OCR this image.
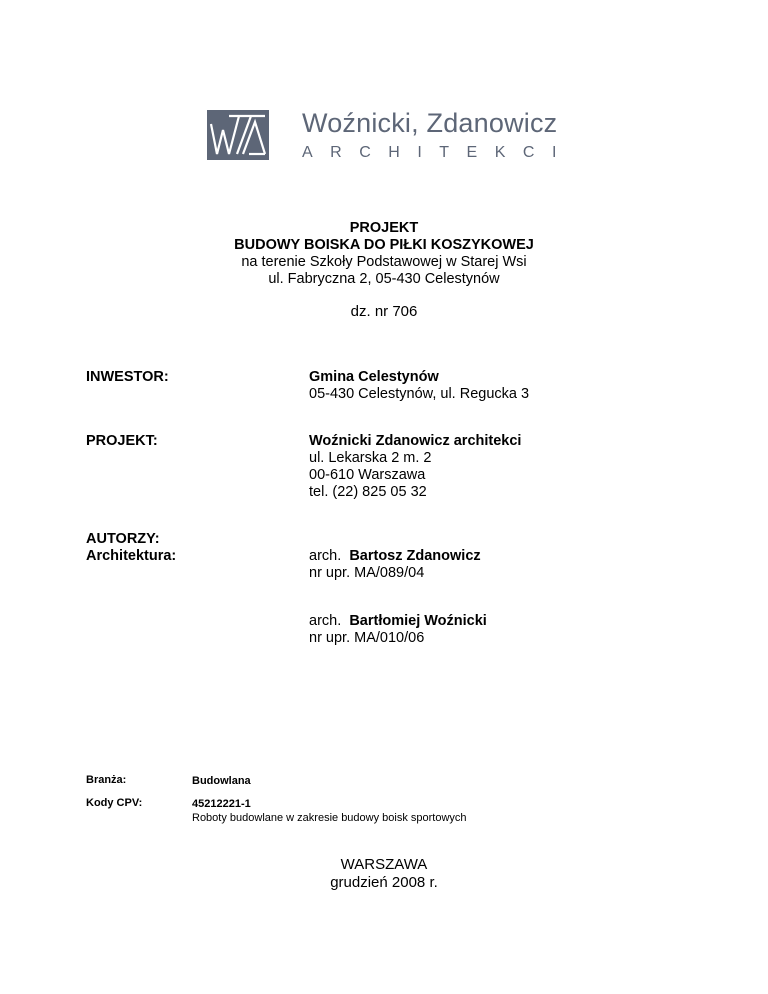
Woźnicki, Zdanowicz
ARCHITEKCI
PROJEKT
BUDOWY BOISKA DO PIŁKI KOSZYKOWEJ
na terenie Szkoły Podstawowej w Starej Wsi
ul. Fabryczna 2, 05-430 Celestynów
dz. nr 706
INWESTOR:	Gmina Celestynów
05-430 Celestynów, ul. Regucka 3
PROJEKT:	Woźnicki Zdanowicz architekci
ul. Lekarska 2 m. 2
00-610 Warszawa
tel. (22) 825 05 32
AUTORZY:
Architektura:	arch. Bartosz Zdanowicz
nr upr. MA/089/04
arch. Bartłomiej Woźnicki
nr upr. MA/010/06
Branża:	Budowlana
Kody CPV:	45212221-1
Roboty budowlane w zakresie budowy boisk sportowych
WARSZAWA
grudzień 2008 r.
